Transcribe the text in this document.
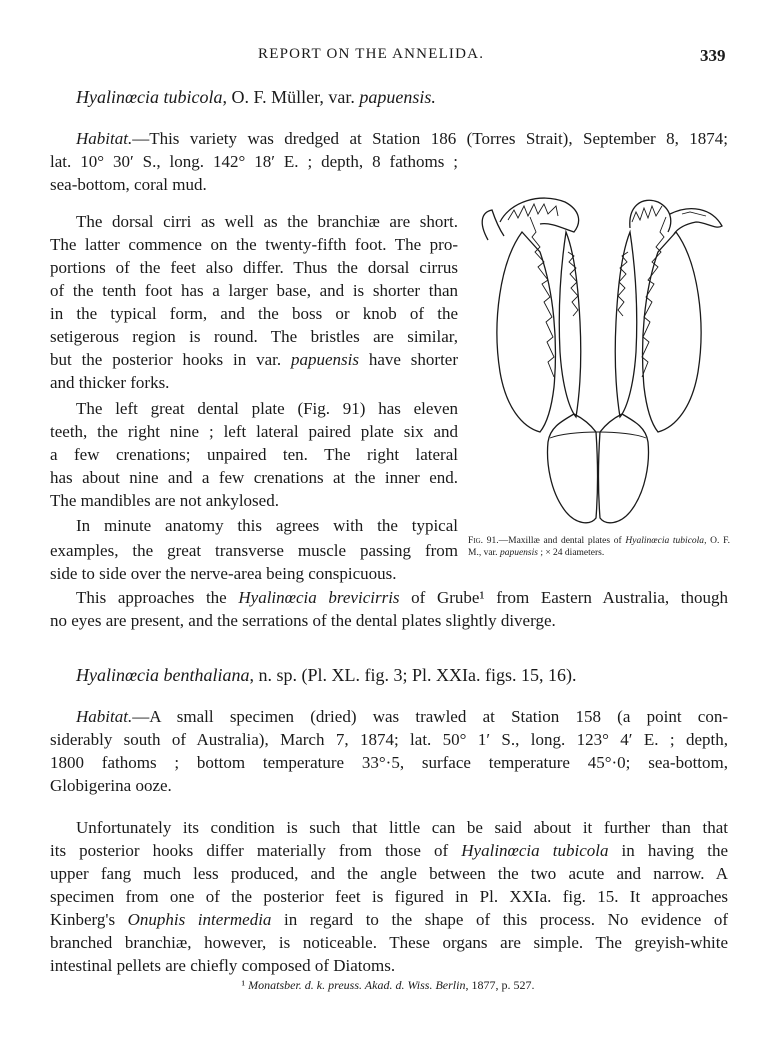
REPORT ON THE ANNELIDA.	339
Hyalinœcia tubicola, O. F. Müller, var. papuensis.
Habitat.—This variety was dredged at Station 186 (Torres Strait), September 8, 1874;
lat. 10° 30′ S., long. 142° 18′ E. ; depth, 8 fathoms ;
sea-bottom, coral mud.
The dorsal cirri as well as the branchiæ are short.
The latter commence on the twenty-fifth foot. The pro-
portions of the feet also differ. Thus the dorsal cirrus
of the tenth foot has a larger base, and is shorter than
in the typical form, and the boss or knob of the
setigerous region is round. The bristles are similar,
but the posterior hooks in var. papuensis have shorter
and thicker forks.
The left great dental plate (Fig. 91) has eleven
teeth, the right nine ; left lateral paired plate six and
a few crenations; unpaired ten. The right lateral
has about nine and a few crenations at the inner end.
The mandibles are not ankylosed.
In minute anatomy this agrees with the typical
examples, the great transverse muscle passing from
side to side over the nerve-area being conspicuous.
This approaches the Hyalinœcia brevicirris of Grube¹ from Eastern Australia, though
no eyes are present, and the serrations of the dental plates slightly diverge.
Fig. 91.—Maxillæ and dental plates of Hyalinœcia tubicola, O. F. M., var. papuensis ; × 24 diameters.
Hyalinœcia benthaliana, n. sp. (Pl. XL. fig. 3; Pl. XXIa. figs. 15, 16).
Habitat.—A small specimen (dried) was trawled at Station 158 (a point con-
siderably south of Australia), March 7, 1874; lat. 50° 1′ S., long. 123° 4′ E. ; depth,
1800 fathoms ; bottom temperature 33°·5, surface temperature 45°·0; sea-bottom,
Globigerina ooze.
Unfortunately its condition is such that little can be said about it further than that
its posterior hooks differ materially from those of Hyalinœcia tubicola in having the
upper fang much less produced, and the angle between the two acute and narrow. A
specimen from one of the posterior feet is figured in Pl. XXIa. fig. 15. It approaches
Kinberg's Onuphis intermedia in regard to the shape of this process. No evidence of
branched branchiæ, however, is noticeable. These organs are simple. The greyish-white
intestinal pellets are chiefly composed of Diatoms.
¹ Monatsber. d. k. preuss. Akad. d. Wiss. Berlin, 1877, p. 527.
